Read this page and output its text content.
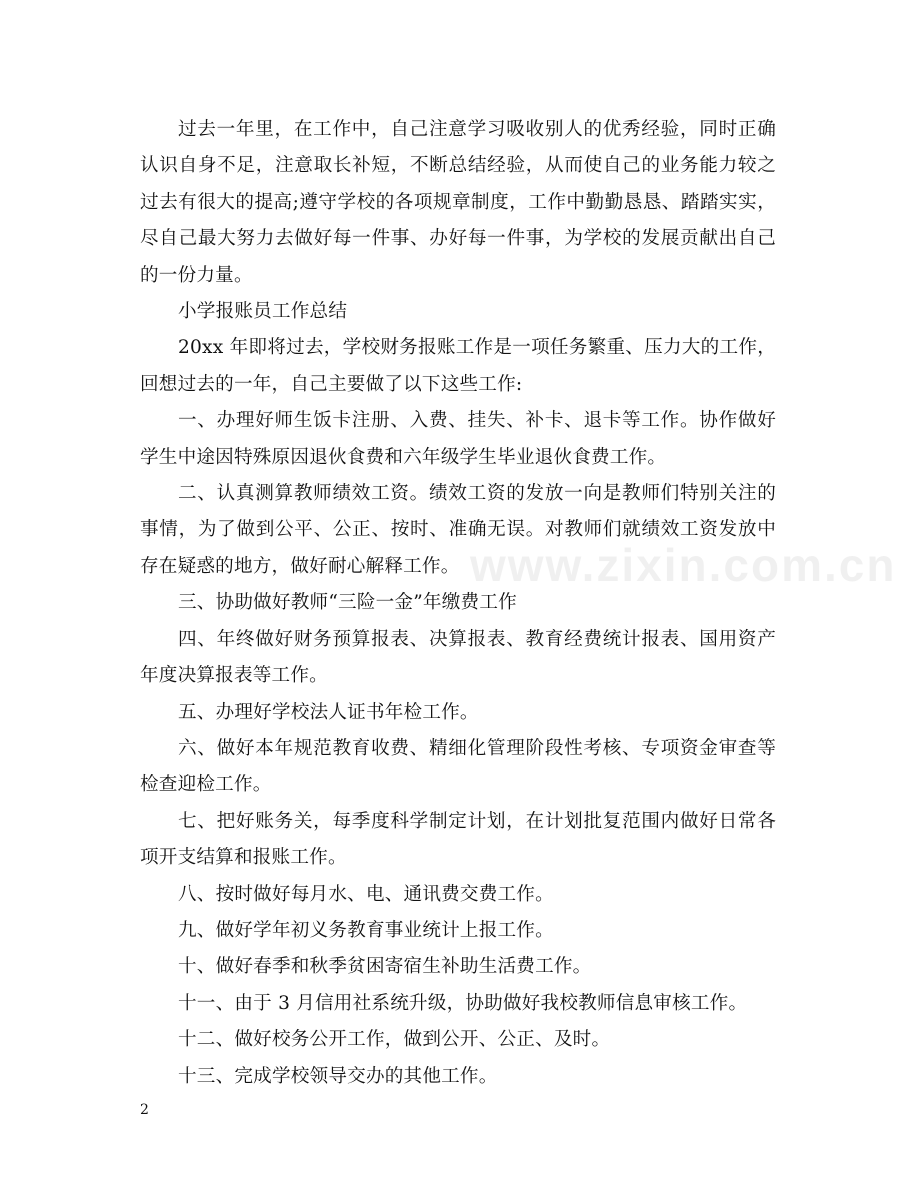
www.zixin.com.cn

过去一年里，在工作中，自己注意学习吸收别人的优秀经验，同时正确认识自身不足，注意取长补短，不断总结经验，从而使自己的业务能力较之过去有很大的提高;遵守学校的各项规章制度，工作中勤勤恳恳、踏踏实实，尽自己最大努力去做好每一件事、办好每一件事，为学校的发展贡献出自己的一份力量。

小学报账员工作总结

20xx 年即将过去，学校财务报账工作是一项任务繁重、压力大的工作，回想过去的一年，自己主要做了以下这些工作:

一、办理好师生饭卡注册、入费、挂失、补卡、退卡等工作。协作做好学生中途因特殊原因退伙食费和六年级学生毕业退伙食费工作。

二、认真测算教师绩效工资。绩效工资的发放一向是教师们特别关注的事情，为了做到公平、公正、按时、准确无误。对教师们就绩效工资发放中存在疑惑的地方，做好耐心解释工作。

三、协助做好教师“三险一金”年缴费工作

四、年终做好财务预算报表、决算报表、教育经费统计报表、国用资产年度决算报表等工作。

五、办理好学校法人证书年检工作。

六、做好本年规范教育收费、精细化管理阶段性考核、专项资金审查等检查迎检工作。

七、把好账务关，每季度科学制定计划，在计划批复范围内做好日常各项开支结算和报账工作。

八、按时做好每月水、电、通讯费交费工作。

九、做好学年初义务教育事业统计上报工作。

十、做好春季和秋季贫困寄宿生补助生活费工作。

十一、由于 3 月信用社系统升级，协助做好我校教师信息审核工作。

十二、做好校务公开工作，做到公开、公正、及时。

十三、完成学校领导交办的其他工作。

2
